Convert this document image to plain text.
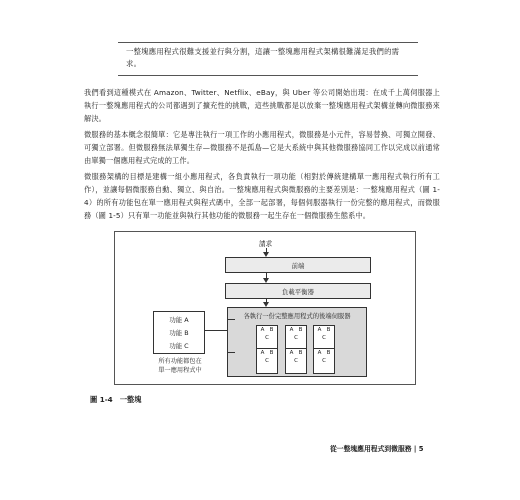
一整塊應用程式很難支援並行與分割，這讓一整塊應用程式架構很難滿足我們的需求。

我們看到這種模式在 Amazon、Twitter、Netflix、eBay，與 Uber 等公司開始出現：在成千上萬伺服器上執行一整塊應用程式的公司都遇到了擴充性的挑戰，這些挑戰都是以放棄一整塊應用程式架構並轉向微服務來解決。

微服務的基本概念很簡單：它是專注執行一項工作的小應用程式，微服務是小元件，容易替換、可獨立開發、可獨立部署。但微服務無法單獨生存—微服務不是孤島—它是大系統中與其他微服務協同工作以完成以前通常由單獨一個應用程式完成的工作。

微服務架構的目標是建構一組小應用程式，各負責執行一項功能（相對於傳統建構單一應用程式執行所有工作），並讓每個微服務自動、獨立、與自治。一整塊應用程式與微服務的主要差別是：一整塊應用程式（圖 1-4）的所有功能包在單一應用程式與程式碼中，全部一起部署，每個伺服器執行一份完整的應用程式，而微服務（圖 1-5）只有單一功能並與執行其他功能的微服務一起生存在一個微服務生態系中。

請求
前端
負載平衡器
各執行一份完整應用程式的後端伺服器
A B
C
A B
C
A B
C
A B
C
A B
C
A B
C
功能 A
功能 B
功能 C
所有功能都包在
單一應用程式中
圖 1-4　一整塊
從一整塊應用程式到微服務 | 5
